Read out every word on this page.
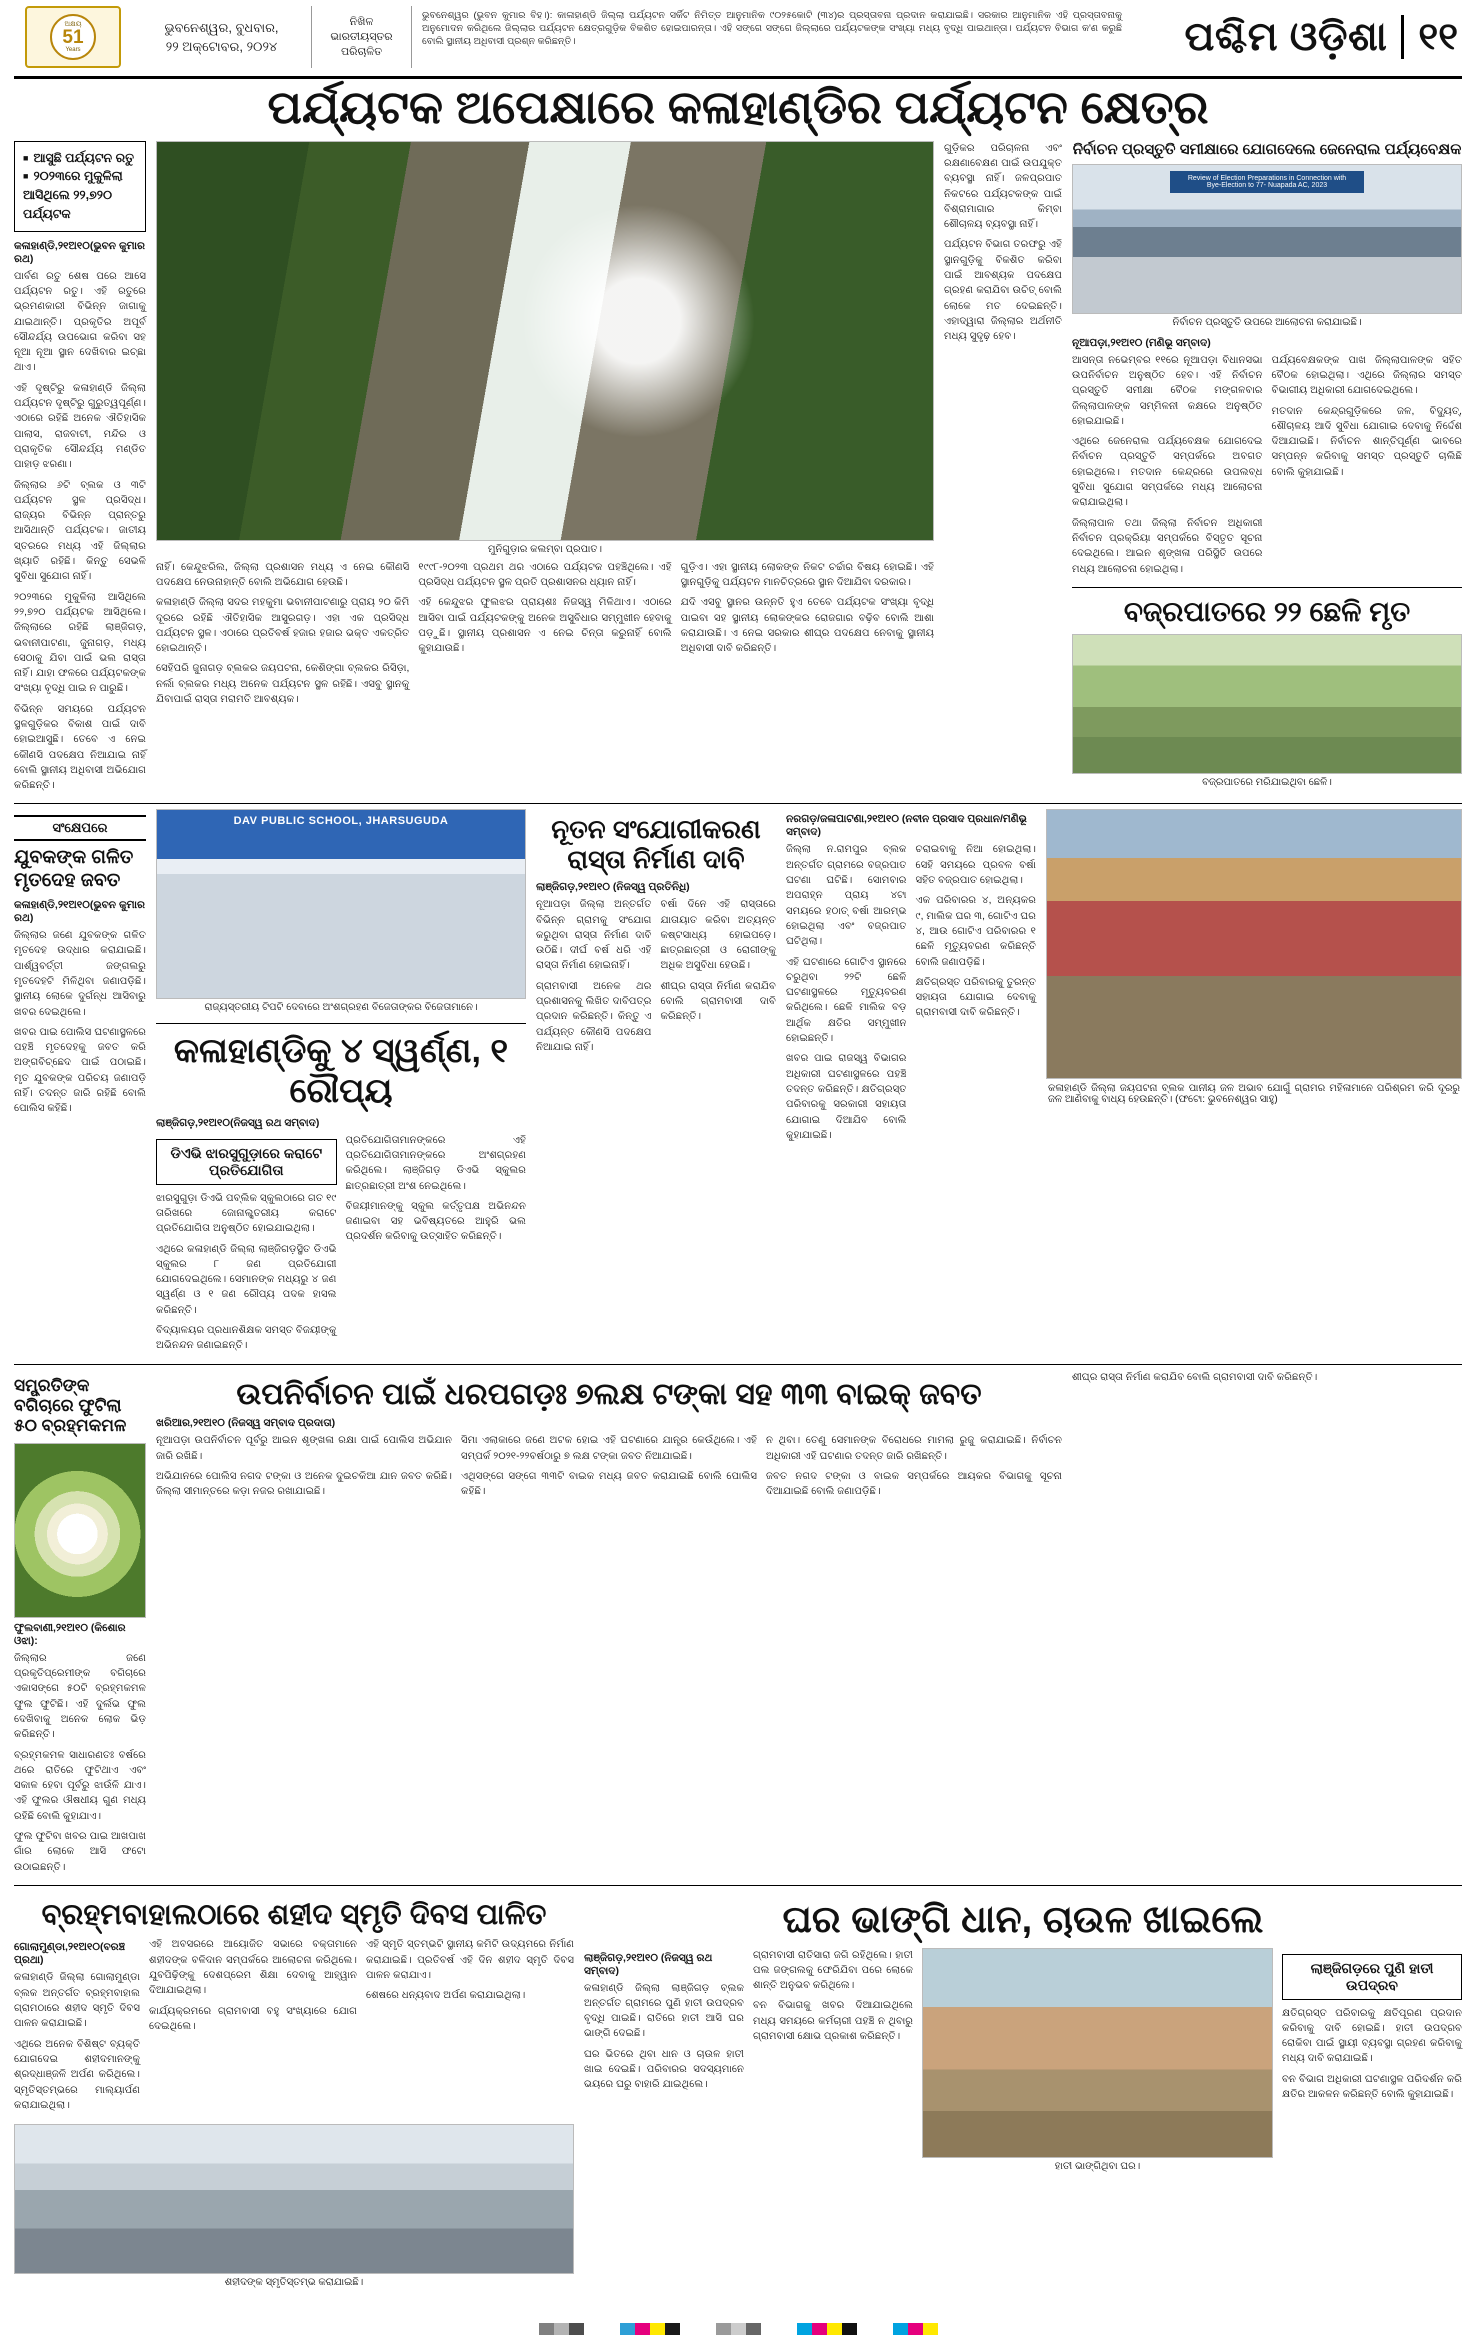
ଅକ୍ଷୟ
51
Years
ଭୁବନେଶ୍ୱର, ବୁଧବାର,
୨୨ ଅକ୍ଟୋବର, ୨୦୨୪
ନିଖିଳ
ଭାରତୀୟସ୍ତର
ପରିଚାଳିତ
ଭୁବନେଶ୍ୱର (ଭୁବନ କୁମାର ବିହ।): କାଳାହାଣ୍ଡି ଜିଲ୍ଲା ପର୍ଯ୍ୟଟନ ସର୍କିଟ ନିମିତ୍ତ ଆନୁମାନିକ ୯୦୨୫କୋଟି (୩୪)ର ପ୍ରସ୍ତାବନା ପ୍ରଦାନ କରାଯାଇଛି। ସରକାର ଆନୁମାନିକ ଏହି ପ୍ରସ୍ତାବନାକୁ ଅନୁମୋଦନ କରିଥିଲେ ଜିଲ୍ଲାର ପର୍ଯ୍ୟଟନ କ୍ଷେତ୍ରଗୁଡ଼ିକ ବିକଶିତ ହୋଇପାରନ୍ତା। ଏହି ସଙ୍ଗେ ସଙ୍ଗେ ଜିଲ୍ଲାରେ ପର୍ଯ୍ୟଟକଙ୍କ ସଂଖ୍ୟା ମଧ୍ୟ ବୃଦ୍ଧି ପାଇଥାନ୍ତା। ପର୍ଯ୍ୟଟନ ବିଭାଗ କ'ଣ କରୁଛି ବୋଲି ସ୍ଥାନୀୟ ଅଧିବାସୀ ପ୍ରଶ୍ନ କରିଛନ୍ତି।	ପଶ୍ଚିମ ଓଡ଼ିଶା ୧୧
ପର୍ଯ୍ୟଟକ ଅପେକ୍ଷାରେ କଳାହାଣ୍ଡିର ପର୍ଯ୍ୟଟନ କ୍ଷେତ୍ର
■ ଆସୁଛି ପର୍ଯ୍ୟଟନ ରତୁ
■ ୨୦୨୩ରେ ମୁକୁଳିଲା ଆସିଥିଲେ ୨୨,୭୨୦ ପର୍ଯ୍ୟଟକ
କଳାହାଣ୍ଡି,୨୧ଅ୧୦(ଭୁବନ କୁମାର ରଥ)

ପାର୍ବଣ ରତୁ ଶେଷ ପରେ ଆସେ ପର୍ଯ୍ୟଟନ ରତୁ। ଏହି ରତୁରେ ଭ୍ରମଣକାରୀ ବିଭିନ୍ନ ଜାଗାକୁ ଯାଇଥାନ୍ତି। ପ୍ରକୃତିର ଅପୂର୍ବ ସୌନ୍ଦର୍ଯ୍ୟ ଉପଭୋଗ କରିବା ସହ ନୂଆ ନୂଆ ସ୍ଥାନ ଦେଖିବାର ଇଚ୍ଛା ଥାଏ।

ଏହି ଦୃଷ୍ଟିରୁ କଳାହାଣ୍ଡି ଜିଲ୍ଲା ପର୍ଯ୍ୟଟନ ଦୃଷ୍ଟିରୁ ଗୁରୁତ୍ୱପୂର୍ଣ୍ଣ। ଏଠାରେ ରହିଛି ଅନେକ ଐତିହାସିକ ପାଲାସ, ରାଜବାଟୀ, ମନ୍ଦିର ଓ ପ୍ରାକୃତିକ ସୌନ୍ଦର୍ଯ୍ୟ ମଣ୍ଡିତ ପାହାଡ଼ ଝରଣା।

ଜିଲ୍ଲାର ୬ଟି ବ୍ଲକ ଓ ୩ଟି ପର୍ଯ୍ୟଟନ ସ୍ଥଳ ପ୍ରସିଦ୍ଧ। ରାଜ୍ୟର ବିଭିନ୍ନ ପ୍ରାନ୍ତରୁ ଆସିଥାନ୍ତି ପର୍ଯ୍ୟଟକ। ଜାତୀୟ ସ୍ତରରେ ମଧ୍ୟ ଏହି ଜିଲ୍ଲାର ଖ୍ୟାତି ରହିଛି। କିନ୍ତୁ ସେଭଳି ସୁବିଧା ସୁଯୋଗ ନାହିଁ।

୨୦୨୩ରେ ମୁକୁଳିଲା ଆସିଥିଲେ ୨୨,୭୨୦ ପର୍ଯ୍ୟଟକ ଆସିଥିଲେ। ଜିଲ୍ଲାରେ ରହିଛି ଲାଞ୍ଜିଗଡ଼, ଭବାନୀପାଟଣା, ଜୁନାଗଡ଼, ମଧ୍ୟ ସେଠାକୁ ଯିବା ପାଇଁ ଭଲ ରାସ୍ତା ନାହିଁ। ଯାହା ଫଳରେ ପର୍ଯ୍ୟଟକଙ୍କ ସଂଖ୍ୟା ବୃଦ୍ଧି ପାଇ ନ ପାରୁଛି।

ବିଭିନ୍ନ ସମୟରେ ପର୍ଯ୍ୟଟନ ସ୍ଥଳଗୁଡ଼ିକର ବିକାଶ ପାଇଁ ଦାବି ହୋଇଆସୁଛି। ତେବେ ଏ ନେଇ କୌଣସି ପଦକ୍ଷେପ ନିଆଯାଇ ନାହିଁ ବୋଲି ସ୍ଥାନୀୟ ଅଧିବାସୀ ଅଭିଯୋଗ କରିଛନ୍ତି।

ମୁନିଗୁଡ଼ାର କଲମ୍ବା ପ୍ରପାତ।

ନାହିଁ। କେନ୍ଦୁଝରିଲ, ଜିଲ୍ଲା ପ୍ରଶାସନ ମଧ୍ୟ ଏ ନେଇ କୌଣସି ପଦକ୍ଷେପ ନେଉନାହାନ୍ତି ବୋଲି ଅଭିଯୋଗ ହେଉଛି।

କଳାହାଣ୍ଡି ଜିଲ୍ଲା ସଦର ମହକୁମା ଭବାନୀପାଟଣାରୁ ପ୍ରାୟ ୨୦ କିମି ଦୂରରେ ରହିଛି ଐତିହାସିକ ଆସୁରଗଡ଼। ଏହା ଏକ ପ୍ରସିଦ୍ଧ ପର୍ଯ୍ୟଟନ ସ୍ଥଳ। ଏଠାରେ ପ୍ରତିବର୍ଷ ହଜାର ହଜାର ଭକ୍ତ ଏକତ୍ରିତ ହୋଇଥାନ୍ତି।

ସେହିପରି ଜୁନାଗଡ଼ ବ୍ଲକର ଜୟପଟନା, କେଶିଙ୍ଗା ବ୍ଲକର ରିସିଡ଼ା, ନର୍ଲା ବ୍ଲକର ମଧ୍ୟ ଅନେକ ପର୍ଯ୍ୟଟନ ସ୍ଥଳ ରହିଛି। ଏସବୁ ସ୍ଥାନକୁ ଯିବାପାଇଁ ରାସ୍ତା ମରାମତି ଆବଶ୍ୟକ।

୧୯୯୮-୨୦୨୩ ପ୍ରଥମ ଥର ଏଠାରେ ପର୍ଯ୍ୟଟକ ପହଞ୍ଚିଥିଲେ। ଏହି ପ୍ରସିଦ୍ଧ ପର୍ଯ୍ୟଟନ ସ୍ଥଳ ପ୍ରତି ପ୍ରଶାସନର ଧ୍ୟାନ ନାହିଁ।

ଏହି କେନ୍ଦୁଝର ଫୁଲଝର ପ୍ରାୟଶଃ ନିଜସ୍ୱ ମିଳିଥାଏ। ଏଠାରେ ଆସିବା ପାଇଁ ପର୍ଯ୍ୟଟକଙ୍କୁ ଅନେକ ଅସୁବିଧାର ସମ୍ମୁଖୀନ ହେବାକୁ ପଡ଼ୁଛି। ସ୍ଥାନୀୟ ପ୍ରଶାସନ ଏ ନେଇ ଚିନ୍ତା କରୁନାହିଁ ବୋଲି କୁହାଯାଉଛି।

ଗୁଡ଼ିଏ। ଏହା ସ୍ଥାନୀୟ ଲୋକଙ୍କ ନିକଟ ଚର୍ଚ୍ଚାର ବିଷୟ ହୋଇଛି। ଏହି ସ୍ଥାନଗୁଡ଼ିକୁ ପର୍ଯ୍ୟଟନ ମାନଚିତ୍ରରେ ସ୍ଥାନ ଦିଆଯିବା ଦରକାର।

ଯଦି ଏସବୁ ସ୍ଥାନର ଉନ୍ନତି ହୁଏ ତେବେ ପର୍ଯ୍ୟଟକ ସଂଖ୍ୟା ବୃଦ୍ଧି ପାଇବା ସହ ସ୍ଥାନୀୟ ଲୋକଙ୍କର ରୋଜଗାର ବଢ଼ିବ ବୋଲି ଆଶା କରାଯାଉଛି। ଏ ନେଇ ସରକାର ଶୀଘ୍ର ପଦକ୍ଷେପ ନେବାକୁ ସ୍ଥାନୀୟ ଅଧିବାସୀ ଦାବି କରିଛନ୍ତି।

ଗୁଡ଼ିକର ପରିଚାଳନା ଏବଂ ରକ୍ଷଣାବେକ୍ଷଣ ପାଇଁ ଉପଯୁକ୍ତ ବ୍ୟବସ୍ଥା ନାହିଁ। ଜଳପ୍ରପାତ ନିକଟରେ ପର୍ଯ୍ୟଟକଙ୍କ ପାଇଁ ବିଶ୍ରାମାଗାର କିମ୍ବା ଶୌଚାଳୟ ବ୍ୟବସ୍ଥା ନାହିଁ।

ପର୍ଯ୍ୟଟନ ବିଭାଗ ତରଫରୁ ଏହି ସ୍ଥାନଗୁଡ଼ିକୁ ବିକଶିତ କରିବା ପାଇଁ ଆବଶ୍ୟକ ପଦକ୍ଷେପ ଗ୍ରହଣ କରାଯିବା ଉଚିତ୍ ବୋଲି ଲୋକେ ମତ ଦେଇଛନ୍ତି। ଏହାଦ୍ୱାରା ଜିଲ୍ଲାର ଅର୍ଥନୀତି ମଧ୍ୟ ସୁଦୃଢ଼ ହେବ।

ନିର୍ବାଚନ ପ୍ରସ୍ତୁତି ସମୀକ୍ଷାରେ ଯୋଗଦେଲେ ଜେନେରାଲ ପର୍ଯ୍ୟବେକ୍ଷକ
Review of Election Preparations in Connection with Bye-Election to 77- Nuapada AC, 2023
ନିର୍ବାଚନ ପ୍ରସ୍ତୁତି ଉପରେ ଆଲୋଚନା କରାଯାଇଛି।
ନୂଆପଡ଼ା,୨୧ଅ୧୦ (ମଣିଭୂ ସମ୍ବାଦ)

ଆସନ୍ତା ନଭେମ୍ବର ୧୧ରେ ନୂଆପଡ଼ା ବିଧାନସଭା ଉପନିର୍ବାଚନ ଅନୁଷ୍ଠିତ ହେବ। ଏହି ନିର୍ବାଚନ ପ୍ରସ୍ତୁତି ସମୀକ୍ଷା ବୈଠକ ମଙ୍ଗଳବାର ଜିଲ୍ଲାପାଳଙ୍କ ସମ୍ମିଳନୀ କକ୍ଷରେ ଅନୁଷ୍ଠିତ ହୋଇଯାଇଛି।

ଏଥିରେ ଜେନେରାଲ ପର୍ଯ୍ୟବେକ୍ଷକ ଯୋଗଦେଇ ନିର୍ବାଚନ ପ୍ରସ୍ତୁତି ସମ୍ପର୍କରେ ଅବଗତ ହୋଇଥିଲେ। ମତଦାନ କେନ୍ଦ୍ରରେ ଉପଲବ୍ଧ ସୁବିଧା ସୁଯୋଗ ସମ୍ପର୍କରେ ମଧ୍ୟ ଆଲୋଚନା କରାଯାଇଥିଲା।

ଜିଲ୍ଲାପାଳ ତଥା ଜିଲ୍ଲା ନିର୍ବାଚନ ଅଧିକାରୀ ନିର୍ବାଚନ ପ୍ରକ୍ରିୟା ସମ୍ପର୍କରେ ବିସ୍ତୃତ ସୂଚନା ଦେଇଥିଲେ। ଆଇନ ଶୃଙ୍ଖଳା ପରିସ୍ଥିତି ଉପରେ ମଧ୍ୟ ଆଲୋଚନା ହୋଇଥିଲା।

ପର୍ଯ୍ୟବେକ୍ଷକଙ୍କ ପାଖ ଜିଲ୍ଲାପାଳଙ୍କ ସହିତ ବୈଠକ ହୋଇଥିଲା। ଏଥିରେ ଜିଲ୍ଲାର ସମସ୍ତ ବିଭାଗୀୟ ଅଧିକାରୀ ଯୋଗଦେଇଥିଲେ।

ମତଦାନ କେନ୍ଦ୍ରଗୁଡ଼ିକରେ ଜଳ, ବିଦ୍ୟୁତ୍, ଶୌଚାଳୟ ଆଦି ସୁବିଧା ଯୋଗାଇ ଦେବାକୁ ନିର୍ଦ୍ଦେଶ ଦିଆଯାଇଛି। ନିର୍ବାଚନ ଶାନ୍ତିପୂର୍ଣ୍ଣ ଭାବରେ ସମ୍ପନ୍ନ କରିବାକୁ ସମସ୍ତ ପ୍ରସ୍ତୁତି ଚାଲିଛି ବୋଲି କୁହାଯାଇଛି।

ବଜ୍ରପାତରେ ୨୨ ଛେଳି ମୃତ
ବଜ୍ରପାତରେ ମରିଯାଇଥିବା ଛେଳି।
ସଂକ୍ଷେପରେ
ଯୁବକଙ୍କ ଗଳିତ ମୃତଦେହ ଜବତ
କଳାହାଣ୍ଡି,୨୧ଅ୧୦(ଭୁବନ କୁମାର ରଥ)

ଜିଲ୍ଲାର ଜଣେ ଯୁବକଙ୍କ ଗଳିତ ମୃତଦେହ ଉଦ୍ଧାର କରାଯାଇଛି। ପାର୍ଶ୍ୱବର୍ତ୍ତୀ ଜଙ୍ଗଲରୁ ମୃତଦେହଟି ମିଳିଥିବା ଜଣାପଡ଼ିଛି। ସ୍ଥାନୀୟ ଲୋକେ ଦୁର୍ଗନ୍ଧ ଆସିବାରୁ ଖବର ଦେଇଥିଲେ।

ଖବର ପାଇ ପୋଲିସ ଘଟଣାସ୍ଥଳରେ ପହଞ୍ଚି ମୃତଦେହକୁ ଜବତ କରି ଅଙ୍ଗବିଚ୍ଛେଦ ପାଇଁ ପଠାଇଛି। ମୃତ ଯୁବକଙ୍କ ପରିଚୟ ଜଣାପଡ଼ି ନାହିଁ। ତଦନ୍ତ ଜାରି ରହିଛି ବୋଲି ପୋଲିସ କହିଛି।

DAV PUBLIC SCHOOL, JHARSUGUDA
ରାଜ୍ୟସ୍ତରୀୟ ଟିପଟି ଦେବାରେ ଅଂଶଗ୍ରହଣ ବିଜେତାଙ୍କର ବିଜେତାମାନେ।
କଳାହାଣ୍ଡିକୁ ୪ ସ୍ୱର୍ଣ୍ଣ, ୧ ରୌପ୍ୟ
ଲାଞ୍ଜିଗଡ଼,୨୧ଅ୧୦(ନିଜସ୍ୱ ରଥ ସମ୍ବାଦ)
ଡିଏଭି ଝାରସୁଗୁଡ଼ାରେ କରାଟେ ପ୍ରତିଯୋଗିତା

ଝାରସୁଗୁଡ଼ା ଡିଏଭି ପବ୍ଲିକ ସ୍କୁଲଠାରେ ଗତ ୧୯ ତାରିଖରେ ଜୋନାଲ୍ସ୍ତରୀୟ କରାଟେ ପ୍ରତିଯୋଗିତା ଅନୁଷ୍ଠିତ ହୋଇଯାଇଥିଲା।

ଏଥିରେ କଳାହାଣ୍ଡି ଜିଲ୍ଲା ଲାଞ୍ଜିଗଡ଼ସ୍ଥିତ ଡିଏଭି ସ୍କୁଲର ୮ ଜଣ ପ୍ରତିଯୋଗୀ ଯୋଗଦେଇଥିଲେ। ସେମାନଙ୍କ ମଧ୍ୟରୁ ୪ ଜଣ ସ୍ୱର୍ଣ୍ଣ ଓ ୧ ଜଣ ରୌପ୍ୟ ପଦକ ହାସଲ କରିଛନ୍ତି।

ବିଦ୍ୟାଳୟର ପ୍ରଧାନଶିକ୍ଷକ ସମସ୍ତ ବିଜୟୀଙ୍କୁ ଅଭିନନ୍ଦନ ଜଣାଇଛନ୍ତି।

ପ୍ରତିଯୋଗିତାମାନଙ୍କରେ ଏହି ପ୍ରତିଯୋଗିତାମାନଙ୍କରେ ଅଂଶଗ୍ରହଣ କରିଥିଲେ। ଲାଞ୍ଜିଗଡ଼ ଡିଏଭି ସ୍କୁଲର ଛାତ୍ରଛାତ୍ରୀ ଅଂଶ ନେଇଥିଲେ।

ବିଜୟୀମାନଙ୍କୁ ସ୍କୁଲ କର୍ତ୍ତୃପକ୍ଷ ଅଭିନନ୍ଦନ ଜଣାଇବା ସହ ଭବିଷ୍ୟତରେ ଆହୁରି ଭଲ ପ୍ରଦର୍ଶନ କରିବାକୁ ଉତ୍ସାହିତ କରିଛନ୍ତି।

ନୂତନ ସଂଯୋଗୀକରଣ ରାସ୍ତା ନିର୍ମାଣ ଦାବି
ଲାଞ୍ଜିଗଡ଼,୨୧ଅ୧୦ (ନିଜସ୍ୱ ପ୍ରତିନିଧି)

ନୂଆପଡ଼ା ଜିଲ୍ଲା ଅନ୍ତର୍ଗତ ବିଭିନ୍ନ ଗ୍ରାମକୁ ସଂଯୋଗ କରୁଥିବା ରାସ୍ତା ନିର୍ମାଣ ଦାବି ଉଠିଛି। ଦୀର୍ଘ ବର୍ଷ ଧରି ଏହି ରାସ୍ତା ନିର୍ମାଣ ହୋଇନାହିଁ।

ଗ୍ରାମବାସୀ ଅନେକ ଥର ପ୍ରଶାସନକୁ ଲିଖିତ ଦାବିପତ୍ର ପ୍ରଦାନ କରିଛନ୍ତି। କିନ୍ତୁ ଏ ପର୍ଯ୍ୟନ୍ତ କୌଣସି ପଦକ୍ଷେପ ନିଆଯାଇ ନାହିଁ।

ବର୍ଷା ଦିନେ ଏହି ରାସ୍ତାରେ ଯାତାୟାତ କରିବା ଅତ୍ୟନ୍ତ କଷ୍ଟସାଧ୍ୟ ହୋଇପଡ଼େ। ଛାତ୍ରଛାତ୍ରୀ ଓ ରୋଗୀଙ୍କୁ ଅଧିକ ଅସୁବିଧା ହେଉଛି।

ଶୀଘ୍ର ରାସ୍ତା ନିର୍ମାଣ କରାଯିବ ବୋଲି ଗ୍ରାମବାସୀ ଦାବି କରିଛନ୍ତି।

ନରଗଡ଼/ଜଳାପାଟଣା,୨୧ଅ୧୦ (ନବୀନ ପ୍ରସାଦ ପ୍ରଧାନ/ମଣିଭୂ ସମ୍ବାଦ)

ଜିଲ୍ଲା ନ.ରାମପୁର ବ୍ଲକ ଅନ୍ତର୍ଗତ ଗ୍ରାମରେ ବଜ୍ରପାତ ଘଟଣା ଘଟିଛି। ସୋମବାର ଅପରାହ୍ନ ପ୍ରାୟ ୪ଟା ସମୟରେ ହଠାତ୍ ବର୍ଷା ଆରମ୍ଭ ହୋଇଥିଲା ଏବଂ ବଜ୍ରପାତ ଘଟିଥିଲା।

ଏହି ଘଟଣାରେ ଗୋଟିଏ ସ୍ଥାନରେ ଚରୁଥିବା ୨୨ଟି ଛେଳି ଘଟଣାସ୍ଥଳରେ ମୃତ୍ୟୁବରଣ କରିଥିଲେ। ଛେଳି ମାଲିକ ବଡ଼ ଆର୍ଥିକ କ୍ଷତିର ସମ୍ମୁଖୀନ ହୋଇଛନ୍ତି।

ଖବର ପାଇ ରାଜସ୍ୱ ବିଭାଗର ଅଧିକାରୀ ଘଟଣାସ୍ଥଳରେ ପହଞ୍ଚି ତଦନ୍ତ କରିଛନ୍ତି। କ୍ଷତିଗ୍ରସ୍ତ ପରିବାରକୁ ସରକାରୀ ସହାୟତା ଯୋଗାଇ ଦିଆଯିବ ବୋଲି କୁହାଯାଇଛି।

ଚରାଇବାକୁ ନିଆ ହୋଇଥିଲା। ସେହି ସମୟରେ ପ୍ରବଳ ବର୍ଷା ସହିତ ବଜ୍ରପାତ ହୋଇଥିଲା।

ଏକ ପରିବାରର ୪, ଅନ୍ୟକର ୯, ମାଲିକ ଘର ୩, ଗୋଟିଏ ଘର ୪, ଆଉ ଗୋଟିଏ ପରିବାରର ୧ ଛେଳି ମୃତ୍ୟୁବରଣ କରିଛନ୍ତି ବୋଲି ଜଣାପଡ଼ିଛି।

କ୍ଷତିଗ୍ରସ୍ତ ପରିବାରକୁ ତୁରନ୍ତ ସହାୟତା ଯୋଗାଇ ଦେବାକୁ ଗ୍ରାମବାସୀ ଦାବି କରିଛନ୍ତି।

କଳାହାଣ୍ଡି ଜିଲ୍ଲା ଜୟପଟନା ବ୍ଲକ ପାନୀୟ ଜଳ ଅଭାବ ଯୋଗୁଁ ଗ୍ରାମର ମହିଳାମାନେ ପରିଶ୍ରମ କରି ଦୂରରୁ ଜଳ ଆଣିବାକୁ ବାଧ୍ୟ ହେଉଛନ୍ତି। (ଫଟୋ: ଭୁବନେଶ୍ୱର ସାହୁ)
ସମ୍ପ୍ରତିଙ୍କ ବଗିଚାରେ ଫୁଟିଲା ୫୦ ବ୍ରହ୍ମକମଳ
ଫୁଲବାଣୀ,୨୧ଅ୧୦ (କିଶୋର ଓଝା):

ଜିଲ୍ଲାର ଜଣେ ପ୍ରକୃତିପ୍ରେମୀଙ୍କ ବଗିଚାରେ ଏକାସଙ୍ଗେ ୫୦ଟି ବ୍ରହ୍ମକମଳ ଫୁଲ ଫୁଟିଛି। ଏହି ଦୁର୍ଲଭ ଫୁଲ ଦେଖିବାକୁ ଅନେକ ଲୋକ ଭିଡ଼ କରିଛନ୍ତି।

ବ୍ରହ୍ମକମଳ ସାଧାରଣତଃ ବର୍ଷରେ ଥରେ ରାତିରେ ଫୁଟିଥାଏ ଏବଂ ସକାଳ ହେବା ପୂର୍ବରୁ ଝାଉଁଳି ଯାଏ। ଏହି ଫୁଲର ଔଷଧୀୟ ଗୁଣ ମଧ୍ୟ ରହିଛି ବୋଲି କୁହାଯାଏ।

ଫୁଲ ଫୁଟିବା ଖବର ପାଇ ଆଖପାଖ ଗାଁର ଲୋକେ ଆସି ଫଟୋ ଉଠାଇଛନ୍ତି।

ଉପନିର୍ବାଚନ ପାଇଁ ଧରପଗଡ଼ଃ ୭ଲକ୍ଷ ଟଙ୍କା ସହ ୩୩ ବାଇକ୍ ଜବତ
ଖରିଆର,୨୧ଅ୧୦ (ନିଜସ୍ୱ ସମ୍ବାଦ ପ୍ରଦାତା)

ନୂଆପଡ଼ା ଉପନିର୍ବାଚନ ପୂର୍ବରୁ ଆଇନ ଶୃଙ୍ଖଳା ରକ୍ଷା ପାଇଁ ପୋଲିସ ଅଭିଯାନ ଜାରି ରଖିଛି।

ଅଭିଯାନରେ ପୋଲିସ ନଗଦ ଟଙ୍କା ଓ ଅନେକ ଦୁଇଚକିଆ ଯାନ ଜବତ କରିଛି। ଜିଲ୍ଲା ସୀମାନ୍ତରେ କଡ଼ା ନଜର ରଖାଯାଇଛି।

ସିମା ଏଲାକାରେ ଜଣେ ଅଟକ ହୋଇ ଏହି ଘଟଣାରେ ଯାନ୍ତ୍ର କେଉଁଥିଲେ। ଏହି ସମ୍ପର୍କ ୨୦୨୧-୨୨ବର୍ଷଠାରୁ ୭ ଲକ୍ଷ ଟଙ୍କା ଜବତ ନିଆଯାଇଛି।

ଏଥିସଙ୍ଗେ ସଙ୍ଗେ ୩୩ଟି ବାଇକ ମଧ୍ୟ ଜବତ କରାଯାଇଛି ବୋଲି ପୋଲିସ କହିଛି।

ନ ଥିବା। ତେଣୁ ସେମାନଙ୍କ ବିରୋଧରେ ମାମଲା ରୁଜୁ କରାଯାଇଛି। ନିର୍ବାଚନ ଅଧିକାରୀ ଏହି ଘଟଣାର ତଦନ୍ତ ଜାରି ରଖିଛନ୍ତି।

ଜବତ ନଗଦ ଟଙ୍କା ଓ ବାଇକ ସମ୍ପର୍କରେ ଆୟକର ବିଭାଗକୁ ସୂଚନା ଦିଆଯାଇଛି ବୋଲି ଜଣାପଡ଼ିଛି।

ଶୀଘ୍ର ରାସ୍ତା ନିର୍ମାଣ କରାଯିବ ବୋଲି ଗ୍ରାମବାସୀ ଦାବି କରିଛନ୍ତି।

ବ୍ରହ୍ମବାହାଲଠାରେ ଶହୀଦ ସ୍ମୃତି ଦିବସ ପାଳିତ
ଗୋଲାମୁଣ୍ଡା,୨୧ଅ୧୦(ବରଞ୍ଚ ପ୍ରଥା)

କଳାହାଣ୍ଡି ଜିଲ୍ଲା ଗୋଲାମୁଣ୍ଡା ବ୍ଲକ ଅନ୍ତର୍ଗତ ବ୍ରହ୍ମବାହାଲ ଗ୍ରାମଠାରେ ଶହୀଦ ସ୍ମୃତି ଦିବସ ପାଳନ କରାଯାଇଛି।

ଏଥିରେ ଅନେକ ବିଶିଷ୍ଟ ବ୍ୟକ୍ତି ଯୋଗଦେଇ ଶହୀଦମାନଙ୍କୁ ଶ୍ରଦ୍ଧାଞ୍ଜଳି ଅର୍ପଣ କରିଥିଲେ। ସ୍ମୃତିସ୍ତମ୍ଭରେ ମାଲ୍ୟାର୍ପଣ କରାଯାଇଥିଲା।

ଏହି ଅବସରରେ ଆୟୋଜିତ ସଭାରେ ବକ୍ତାମାନେ ଶହୀଦଙ୍କ ବଳିଦାନ ସମ୍ପର୍କରେ ଆଲୋଚନା କରିଥିଲେ। ଯୁବପିଢ଼ିଙ୍କୁ ଦେଶପ୍ରେମ ଶିକ୍ଷା ଦେବାକୁ ଆହ୍ୱାନ ଦିଆଯାଇଥିଲା।

କାର୍ଯ୍ୟକ୍ରମରେ ଗ୍ରାମବାସୀ ବହୁ ସଂଖ୍ୟାରେ ଯୋଗ ଦେଇଥିଲେ।

ଏହି ସ୍ମୃତି ସ୍ତମ୍ଭଟି ସ୍ଥାନୀୟ କମିଟି ଉଦ୍ୟମରେ ନିର୍ମାଣ କରାଯାଇଛି। ପ୍ରତିବର୍ଷ ଏହି ଦିନ ଶହୀଦ ସ୍ମୃତି ଦିବସ ପାଳନ କରାଯାଏ।

ଶେଷରେ ଧନ୍ୟବାଦ ଅର୍ପଣ କରାଯାଇଥିଲା।

ଶହୀଦଙ୍କ ସ୍ମୃତିସ୍ତମ୍ଭ କରାଯାଇଛି।
ଘର ଭାଙ୍ଗି ଧାନ, ଚାଉଳ ଖାଇଲେ
ଲାଞ୍ଜିଗଡ଼,୨୧ଅ୧୦ (ନିଜସ୍ୱ ରଥ ସମ୍ବାଦ)

କଳାହାଣ୍ଡି ଜିଲ୍ଲା ଲାଞ୍ଜିଗଡ଼ ବ୍ଲକ ଅନ୍ତର୍ଗତ ଗ୍ରାମରେ ପୁଣି ହାତୀ ଉପଦ୍ରବ ବୃଦ୍ଧି ପାଇଛି। ରାତିରେ ହାତୀ ଆସି ଘର ଭାଙ୍ଗି ଦେଇଛି।

ଘର ଭିତରେ ଥିବା ଧାନ ଓ ଚାଉଳ ହାତୀ ଖାଇ ଦେଇଛି। ପରିବାରର ସଦସ୍ୟମାନେ ଭୟରେ ଘରୁ ବାହାରି ଯାଇଥିଲେ।

ଗ୍ରାମବାସୀ ରାତିସାରା ଜଗି ରହିଥିଲେ। ହାତୀ ପଲ ଜଙ୍ଗଲକୁ ଫେରିଯିବା ପରେ ଲୋକେ ଶାନ୍ତି ଅନୁଭବ କରିଥିଲେ।

ବନ ବିଭାଗକୁ ଖବର ଦିଆଯାଇଥିଲେ ମଧ୍ୟ ସମୟରେ କର୍ମଚାରୀ ପହଞ୍ଚି ନ ଥିବାରୁ ଗ୍ରାମବାସୀ କ୍ଷୋଭ ପ୍ରକାଶ କରିଛନ୍ତି।

ହାତୀ ଭାଙ୍ଗିଥିବା ଘର।
ଲାଞ୍ଜିଗଡ଼ରେ ପୁଣି ହାତୀ ଉପଦ୍ରବ

କ୍ଷତିଗ୍ରସ୍ତ ପରିବାରକୁ କ୍ଷତିପୂରଣ ପ୍ରଦାନ କରିବାକୁ ଦାବି ହୋଇଛି। ହାତୀ ଉପଦ୍ରବ ରୋକିବା ପାଇଁ ସ୍ଥାୟୀ ବ୍ୟବସ୍ଥା ଗ୍ରହଣ କରିବାକୁ ମଧ୍ୟ ଦାବି କରାଯାଇଛି।

ବନ ବିଭାଗ ଅଧିକାରୀ ଘଟଣାସ୍ଥଳ ପରିଦର୍ଶନ କରି କ୍ଷତିର ଆକଳନ କରିଛନ୍ତି ବୋଲି କୁହାଯାଇଛି।
